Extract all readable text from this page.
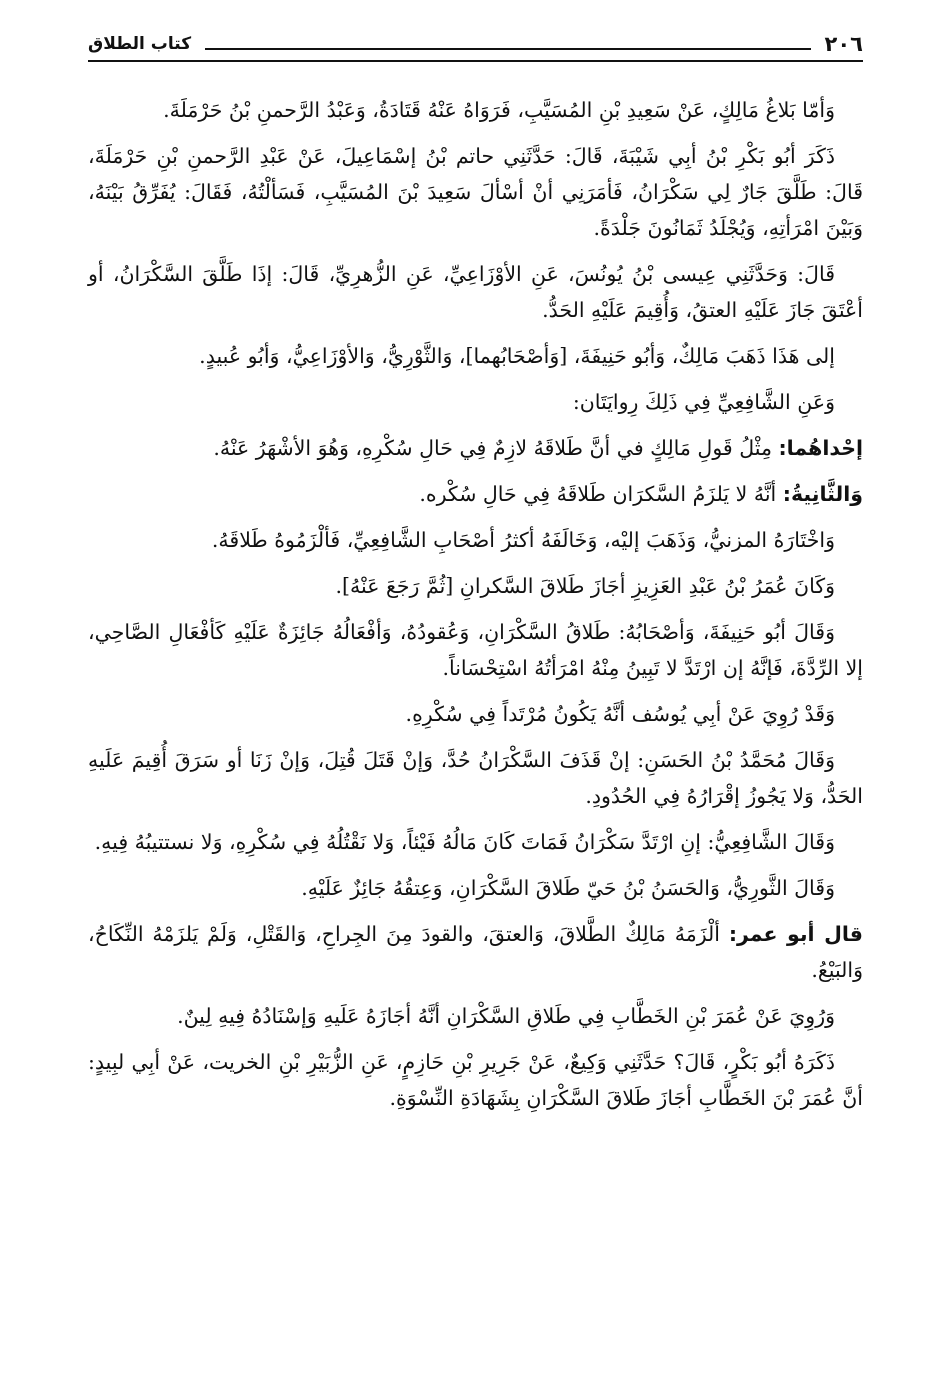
٢٠٦
كتاب الطلاق

وَأمّا بَلاغُ مَالِكٍ، عَنْ سَعِيدِ بْنِ المُسَيَّبِ، فَرَوَاهُ عَنْهُ قَتَادَةُ، وَعَبْدُ الرَّحمنِ بْنُ حَرْمَلَةَ.

ذَكَرَ أبُو بَكْرِ بْنُ أبِي شَيْبَةَ، قَالَ: حَدَّثَنِي حاتم بْنُ إسْمَاعِيلَ، عَنْ عَبْدِ الرَّحمنِ بْنِ حَرْمَلَةَ، قَالَ: طَلَّقَ جَارٌ لِي سَكْرَانُ، فَأمَرَنِي أنْ أسْألَ سَعِيدَ بْنَ المُسَيَّبِ، فَسَألْتُهُ، فَقَالَ: يُفَرِّقُ بَيْنَهُ، وَبَيْنَ امْرَأتِهِ، وَيُجْلَدُ ثَمَانُونَ جَلْدَةً.

قَالَ: وَحَدَّثَنِي عِيسى بْنُ يُونُسَ، عَنِ الأوْزَاعِيِّ، عَنِ الزُّهرِيِّ، قَالَ: إذَا طَلَّقَ السَّكْرَانُ، أو أعْتَقَ جَازَ عَلَيْهِ العتقُ، وَأُقِيمَ عَلَيْهِ الحَدُّ.

إلى هَذَا ذَهَبَ مَالِكٌ، وَأبُو حَنِيفَةَ، [وَأصْحَابُهما]، وَالثَّوْرِيُّ، وَالأوْزَاعِيُّ، وَأبُو عُبيدٍ.

وَعَنِ الشَّافِعِيِّ فِي ذَلِكَ رِوايَتَان:

إحْداهُما: مِثْلُ قَولِ مَالِكٍ في أنَّ طَلاقَهُ لازِمٌ فِي حَالِ سُكْرِهِ، وَهُوَ الأشْهَرُ عَنْهُ.

وَالثَّانِيةُ: أنَّهُ لا يَلزَمُ السَّكرَان طَلاقَهُ فِي حَالِ سُكْره.

وَاخْتَارَهُ المزنيُّ، وَذَهَبَ إليْه، وَخَالَفَهُ أكثرُ أصْحَابِ الشَّافِعِيِّ، فَألْزَمُوهُ طَلاقَهُ.

وَكَانَ عُمَرُ بْنُ عَبْدِ العَزِيزِ أجَازَ طَلاقَ السَّكرانِ [ثُمَّ رَجَعَ عَنْهُ].

وَقَالَ أبُو حَنِيفَةَ، وَأصْحَابُهُ: طَلاقُ السَّكْرَانِ، وَعُقودُهُ، وَأفْعَالُهُ جَائِزَةٌ عَلَيْهِ كَأفْعَالِ الصَّاحِي، إلا الرِّدَّةَ، فَإنَّهُ إن ارْتَدَّ لا تَبِينُ مِنْهُ امْرَأتُهُ اسْتِحْسَاناً.

وَقَدْ رُوِيَ عَنْ أبِي يُوسُف أنَّهُ يَكُونُ مُرْتَداً فِي سُكْرِهِ.

وَقَالَ مُحَمَّدُ بْنُ الحَسَنِ: إنْ قَذَفَ السَّكْرَانُ حُدَّ، وَإنْ قَتَلَ قُتِلَ، وَإنْ زَنَا أو سَرَقَ أُقِيمَ عَلَيهِ الحَدُّ، وَلا يَجُوزُ إقْرَارُهُ فِي الحُدُودِ.

وَقَالَ الشَّافِعِيُّ: إنِ ارْتَدَّ سَكْرَانُ فَمَاتَ كَانَ مَالُهُ فَيْئاً، وَلا نَقْتُلُهُ فِي سُكْرِهِ، وَلا نستتيبُهُ فِيهِ.

وَقَالَ الثَّورِيُّ، وَالحَسَنُ بْنُ حَيّ طَلاقَ السَّكْرَانِ، وَعِتقُهُ جَائِزٌ عَلَيْهِ.

قال أبو عمر: ألْزَمَهُ مَالِكٌ الطَّلاقَ، وَالعتقَ، والقودَ مِنَ الجِراحِ، وَالقَتْلِ، وَلَمْ يَلزَمْهُ النِّكَاحُ، وَالبَيْعُ.

وَرُوِيَ عَنْ عُمَرَ بْنِ الخَطَّابِ فِي طَلاقِ السَّكْرَانِ أنَّهُ أجَازَهُ عَلَيهِ وَإسْنَادُهُ فِيهِ لِينٌ.

ذَكَرَهُ أبُو بَكْرٍ، قَالَ؟ حَدَّثَنِي وَكِيعٌ، عَنْ جَرِيرِ بْنِ حَازِمٍ، عَنِ الزُّبَيْرِ بْنِ الخريت، عَنْ أبِي لبِيدٍ: أنَّ عُمَرَ بْنَ الخَطَّابِ أجَازَ طَلاقَ السَّكْرَانِ بِشَهَادَةِ النِّسْوَةِ.
